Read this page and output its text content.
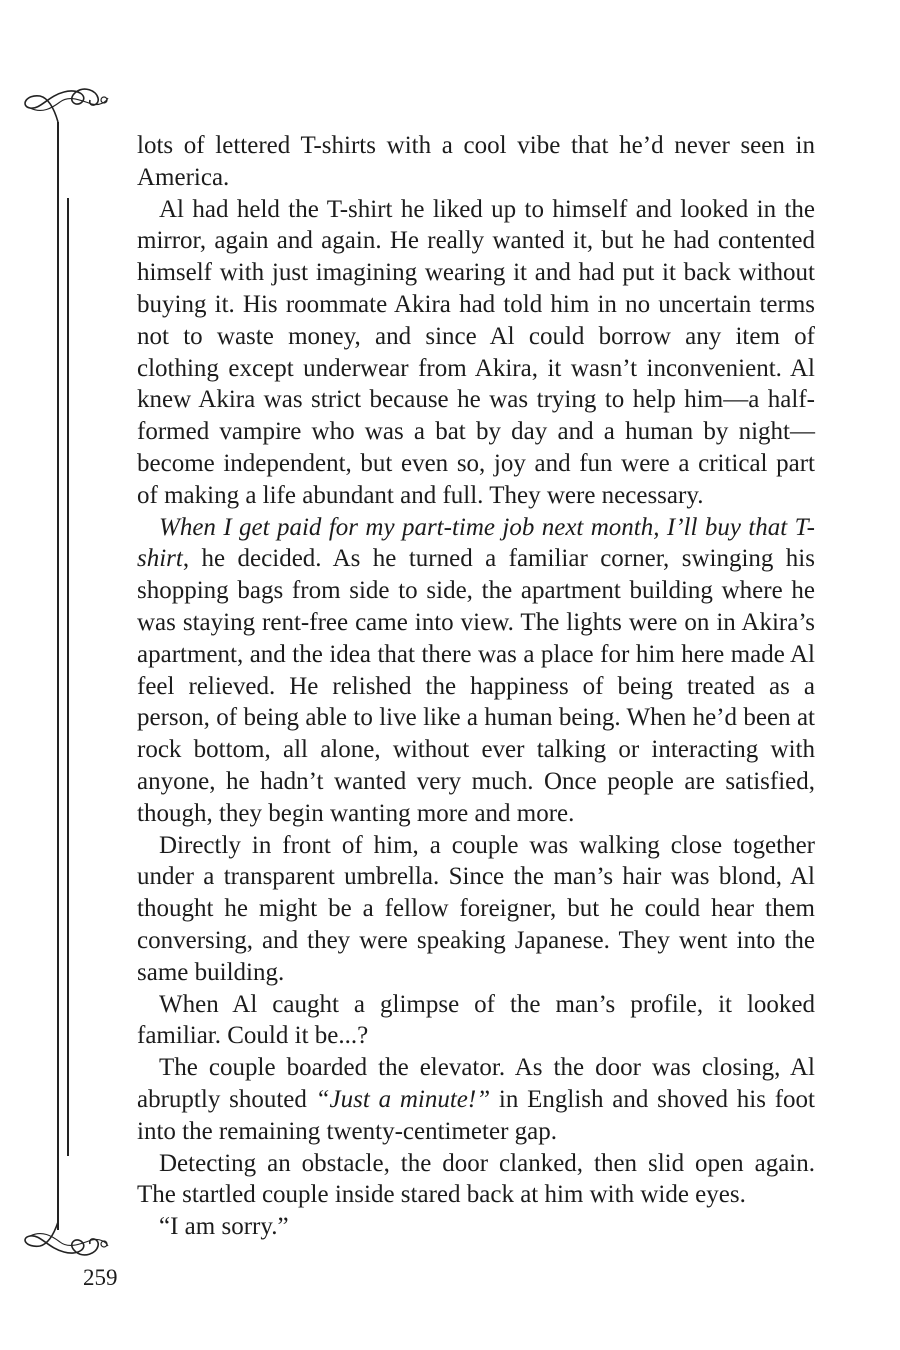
lots of lettered T-shirts with a cool vibe that he’d never seen in America.

Al had held the T-shirt he liked up to himself and looked in the mirror, again and again. He really wanted it, but he had contented himself with just imagining wearing it and had put it back without buying it. His roommate Akira had told him in no uncertain terms not to waste money, and since Al could borrow any item of clothing except underwear from Akira, it wasn’t inconvenient. Al knew Akira was strict because he was trying to help him—a half-formed vampire who was a bat by day and a human by night—become independent, but even so, joy and fun were a critical part of making a life abundant and full. They were necessary.

When I get paid for my part-time job next month, I’ll buy that T-shirt, he decided. As he turned a familiar corner, swinging his shopping bags from side to side, the apartment building where he was staying rent-free came into view. The lights were on in Akira’s apartment, and the idea that there was a place for him here made Al feel relieved. He relished the happiness of being treated as a person, of being able to live like a human being. When he’d been at rock bottom, all alone, without ever talking or interacting with anyone, he hadn’t wanted very much. Once people are satisfied, though, they begin wanting more and more.

Directly in front of him, a couple was walking close together under a transparent umbrella. Since the man’s hair was blond, Al thought he might be a fellow foreigner, but he could hear them conversing, and they were speaking Japanese. They went into the same building.

When Al caught a glimpse of the man’s profile, it looked familiar. Could it be...?

The couple boarded the elevator. As the door was closing, Al abruptly shouted “Just a minute!” in English and shoved his foot into the remaining twenty-centimeter gap.

Detecting an obstacle, the door clanked, then slid open again. The startled couple inside stared back at him with wide eyes.

“I am sorry.”

259
